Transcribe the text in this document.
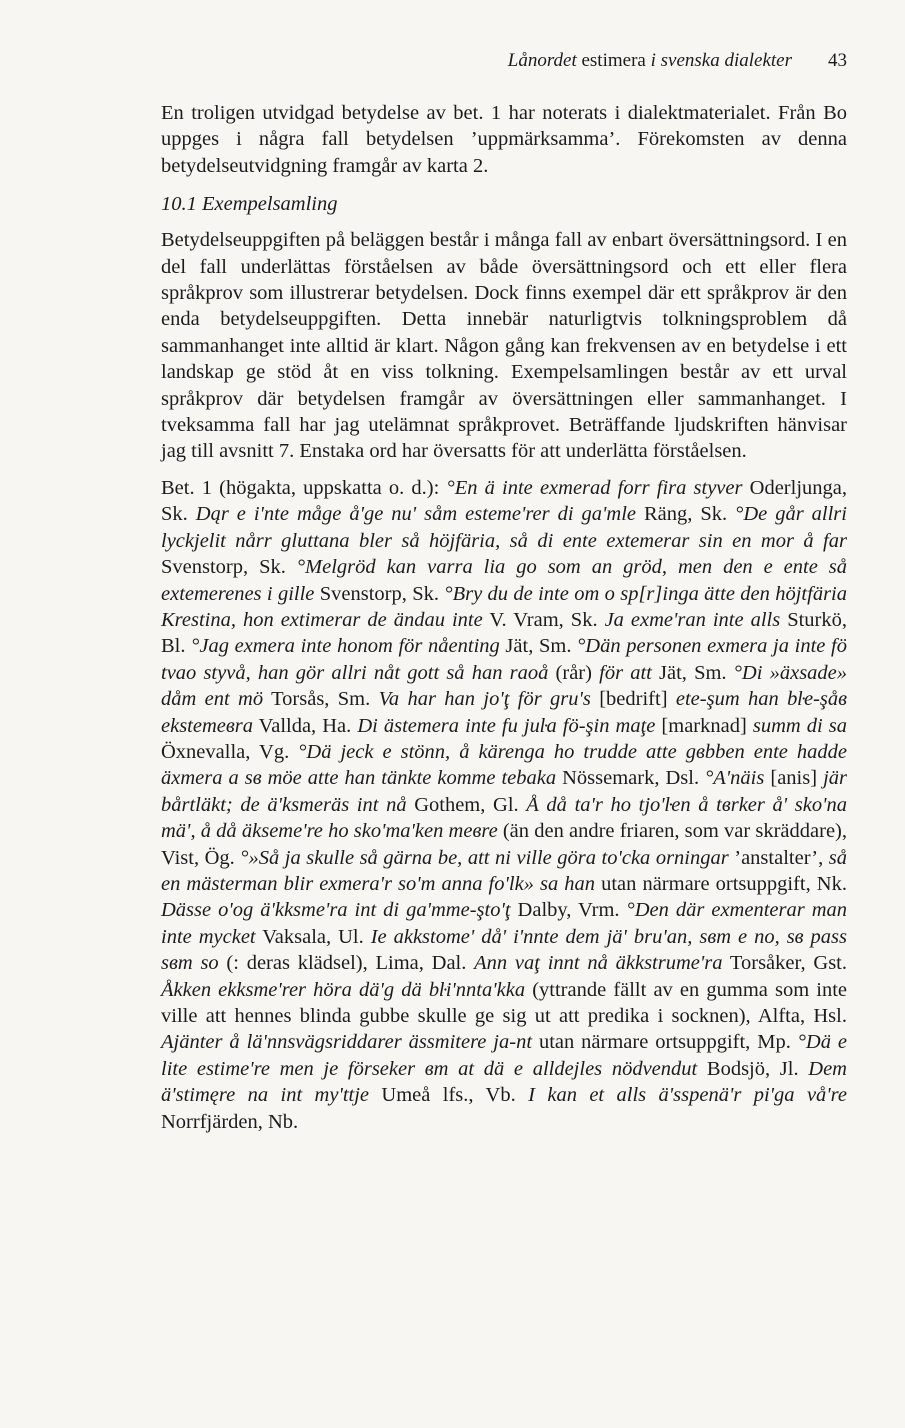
Lånordet estimera i svenska dialekter 43

En troligen utvidgad betydelse av bet. 1 har noterats i dialektmaterialet. Från Bo uppges i några fall betydelsen ’uppmärksamma’. Förekomsten av denna betydelseutvidgning framgår av karta 2.

10.1 Exempelsamling

Betydelseuppgiften på beläggen består i många fall av enbart översättningsord. I en del fall underlättas förståelsen av både översättningsord och ett eller flera språkprov som illustrerar betydelsen. Dock finns exempel där ett språkprov är den enda betydelseuppgiften. Detta innebär naturligtvis tolkningsproblem då sammanhanget inte alltid är klart. Någon gång kan frekvensen av en betydelse i ett landskap ge stöd åt en viss tolkning. Exempelsamlingen består av ett urval språkprov där betydelsen framgår av översättningen eller sammanhanget. I tveksamma fall har jag utelämnat språkprovet. Beträffande ljudskriften hänvisar jag till avsnitt 7. Enstaka ord har översatts för att underlätta förståelsen.

Bet. 1 (högakta, uppskatta o. d.): °En ä inte exmerad forr fira styver Oderljunga, Sk. Dąr e i'nte måge å'ge nu' såm esteme'rer di ga'mle Räng, Sk. °De går allri lyckjelit nårr gluttana bler så höjfäria, så di ente extemerar sin en mor å far Svenstorp, Sk. °Melgröd kan varra lia go som an gröd, men den e ente så extemerenes i gille Svenstorp, Sk. °Bry du de inte om o sp[r]inga ätte den höjtfäria Krestina, hon extimerar de ändau inte V. Vram, Sk. Ja exme'ran inte alls Sturkö, Bl. °Jag exmera inte honom för nåenting Jät, Sm. °Dän personen exmera ja inte fö tvao styvå, han gör allri nåt gott så han raoå (rår) för att Jät, Sm. °Di »äxsade» dåm ent mö Torsås, Sm. Va har han jo'ţ för gru's [bedrift] ete-şum han bŀe-şåв ekstemeвra Vallda, Ha. Di ästemera inte fu juŀa fö-şin maţe [marknad] summ di sa Öxnevalla, Vg. °Dä jeck e stönn, å kärenga ho trudde atte gвbben ente hadde äxmera a sв möe atte han tänkte komme tebaka Nössemark, Dsl. °A'näis [anis] jär bårtläkt; de ä'ksmeräs int nå Gothem, Gl. Å då ta'r ho tjo'ŀen å tвrker å' sko'na mä', å då äkseme're ho sko'ma'ken meвre (än den andre friaren, som var skräddare), Vist, Ög. °»Så ja skulle så gärna be, att ni ville göra to'cka orningar ’anstalter’, så en mästerman blir exmera'r so'm anna fo'lk» sa han utan närmare ortsuppgift, Nk. Dässe o'og ä'kksme'ra int di ga'mme-şto'ţ Dalby, Vrm. °Den där exmenterar man inte mycket Vaksala, Ul. Ie akkstome' då' i'nnte dem jä' bru'an, sвm e no, sв pass sвm so (: deras klädsel), Lima, Dal. Ann vaţ innt nå äkkstrume'ra Torsåker, Gst. Åkken ekksme'rer höra dä'g dä bŀi'nnta'kka (yttrande fällt av en gumma som inte ville att hennes blinda gubbe skulle ge sig ut att predika i socknen), Alfta, Hsl. Ajänter å lä'nnsvägsriddarer ässmitere ja-nt utan närmare ortsuppgift, Mp. °Dä e lite estime're men je förseker вm at dä e alldejles nödvendut Bodsjö, Jl. Dem ä'stimęre na int my'ttje Umeå lfs., Vb. I kan et alls ä'sspenä'r pi'ga vå're Norrfjärden, Nb.
